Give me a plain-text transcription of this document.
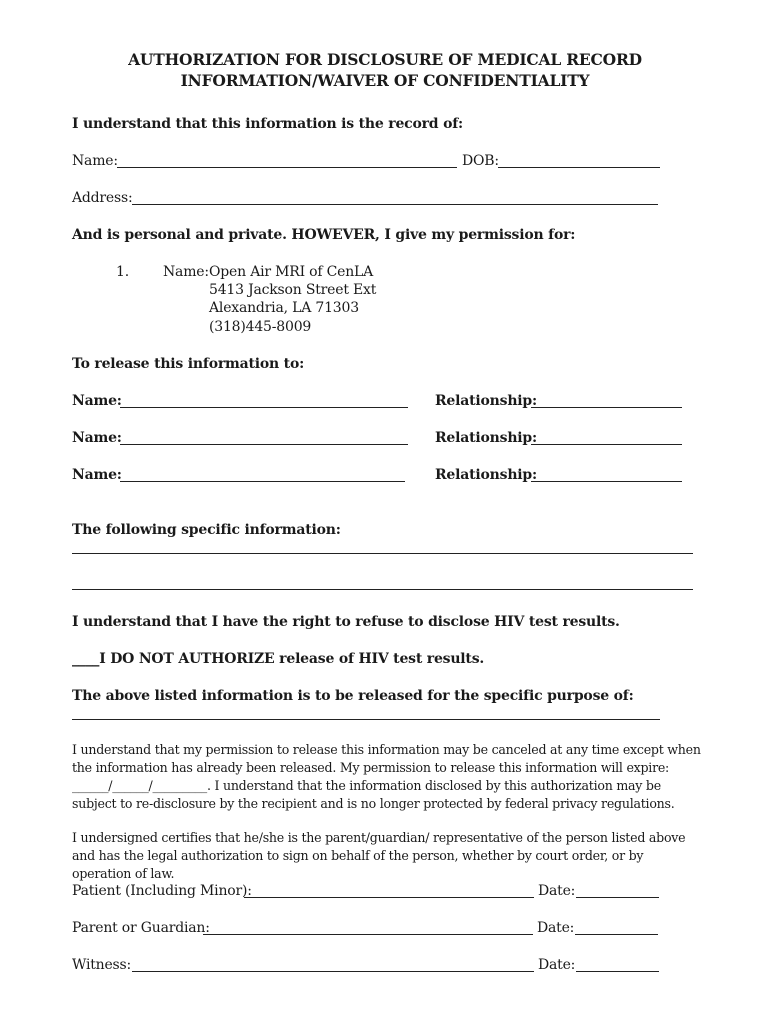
AUTHORIZATION FOR DISCLOSURE OF MEDICAL RECORD
INFORMATION/WAIVER OF CONFIDENTIALITY
I understand that this information is the record of:
Name:	DOB:
Address:
And is personal and private. HOWEVER, I give my permission for:
1. Name: Open Air MRI of CenLA
5413 Jackson Street Ext
Alexandria, LA 71303
(318)445-8009
To release this information to:
Name:	Relationship:
Name:	Relationship:
Name:	Relationship:
The following specific information:
I understand that I have the right to refuse to disclose HIV test results.
____I DO NOT AUTHORIZE release of HIV test results.
The above listed information is to be released for the specific purpose of:
I understand that my permission to release this information may be canceled at any time except when the information has already been released. My permission to release this information will expire: ______/______/_________. I understand that the information disclosed by this authorization may be subject to re-disclosure by the recipient and is no longer protected by federal privacy regulations.
I undersigned certifies that he/she is the parent/guardian/ representative of the person listed above and has the legal authorization to sign on behalf of the person, whether by court order, or by operation of law.
Patient (Including Minor):	Date:
Parent or Guardian:	Date:
Witness:	Date:
